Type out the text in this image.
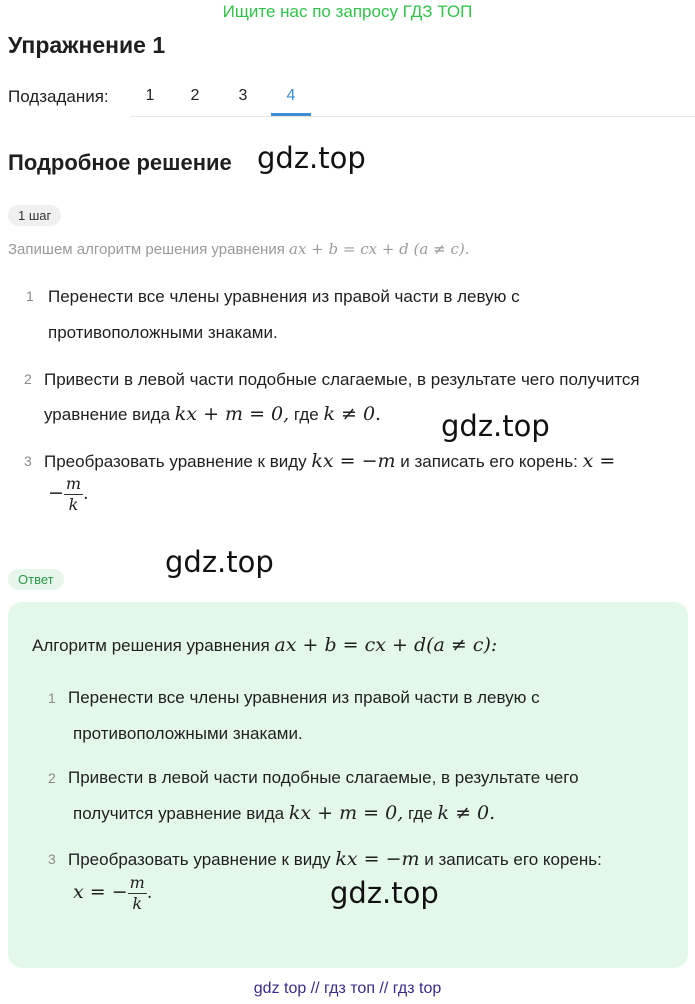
Ищите нас по запросу ГДЗ ТОП
Упражнение 1
Подзадания:	1	2	3	4
Подробное решение gdz.top
1 шаг
Запишем алгоритм решения уравнения ax + b = cx + d (a ≠ c).
1 Перенести все члены уравнения из правой части в левую с
противоположными знаками.
2 Привести в левой части подобные слагаемые, в результате чего получится
уравнение вида kx + m = 0, где k ≠ 0. gdz.top
3 Преобразовать уравнение к виду kx = −m и записать его корень: x =
− $\frac{m}{k}$ .
gdz.top
Ответ
Алгоритм решения уравнения ax + b = cx + d(a ≠ c):
1 Перенести все члены уравнения из правой части в левую с
противоположными знаками.
2 Привести в левой части подобные слагаемые, в результате чего
получится уравнение вида kx + m = 0, где k ≠ 0.
3 Преобразовать уравнение к виду kx = −m и записать его корень:
x = − $\frac{m}{k}$ .	gdz.top
gdz top // гдз топ // гдз top
